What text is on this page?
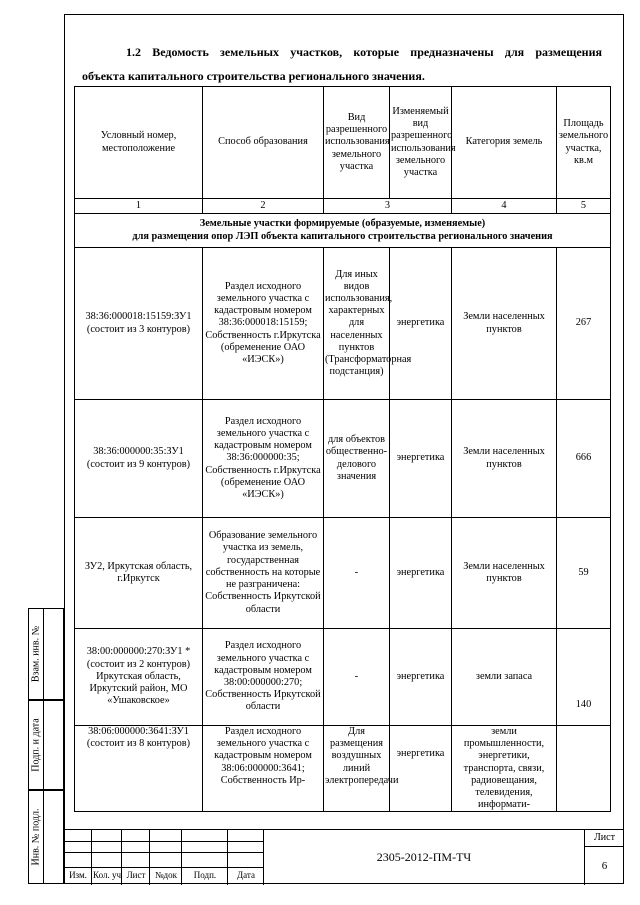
1.2 Ведомость земельных участков, которые предназначены для размещения
объекта капитального строительства регионального значения.
Условный номер, местоположение	Способ образования	Вид разрешенного использования земельного участка	Изменяемый вид разрешенного использования земельного участка	Категория земель	Площадь земельного участка, кв.м
1	2	3		4	5

Земельные участки формируемые (образуемые, изменяемые)
для размещения опор ЛЭП объекта капитального строительства регионального значения					

38:36:000018:15159:ЗУ1 (состоит из 3 контуров)	Раздел исходного земельного участка с кадастровым номером 38:36:000018:15159; Собственность г.Иркутска (обременение ОАО «ИЭСК»)	Для иных видов использования, характерных для населенных пунктов (Трансформаторная подстанция)	энергетика	Земли населенных пунктов	267
38:36:000000:35:ЗУ1 (состоит из 9 контуров)	Раздел исходного земельного участка с кадастровым номером 38:36:000000:35; Собственность г.Иркутска (обременение ОАО «ИЭСК»)	для объектов общественно-делового значения	энергетика	Земли населенных пунктов	666
ЗУ2, Иркутская область, г.Иркутск	Образование земельного участка из земель, государственная собственность на которые не разграничена: Собственность Иркутской области	-	энергетика	Земли населенных пунктов	59
38:00:000000:270:ЗУ1 * (состоит из 2 контуров) Иркутская область, Иркутский район, МО «Ушаковское»	Раздел исходного земельного участка с кадастровым номером 38:00:000000:270; Собственность Иркутской области	-	энергетика	земли запаса	140
38:06:000000:3641:ЗУ1 (состоит из 8 контуров)	Раздел исходного земельного участка с кадастровым номером 38:06:000000:3641; Собственность Ир-	Для размещения воздушных линий электропередачи	энергетика	земли промышленности, энергетики, транспорта, связи, радиовещания, телевидения, информати-	
Взам. инв. №
Подп. и дата
Инв. № подл.
Изм. Кол. уч Лист	№док	Подп.	Дата
2305-2012-ПМ-ТЧ
Лист
6
